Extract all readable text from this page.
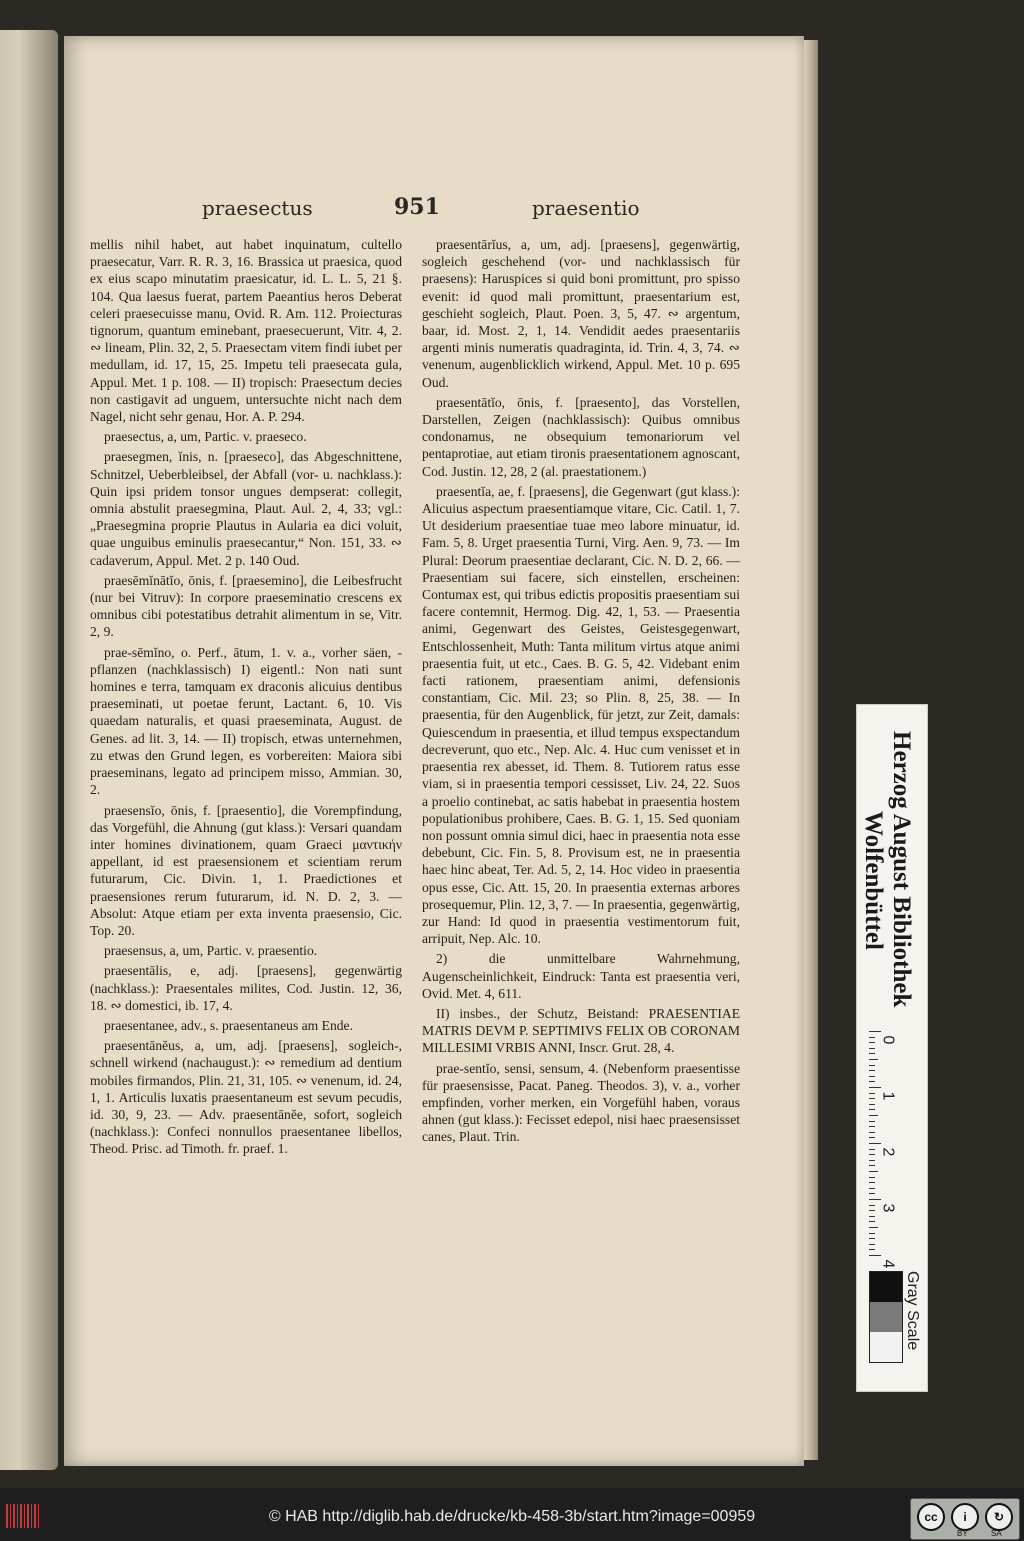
praesectus	951	praesentio

mellis nihil habet, aut habet inquinatum, cultello praesecatur, Varr. R. R. 3, 16. Brassica ut praesica, quod ex eius scapo minutatim praesicatur, id. L. L. 5, 21 §. 104. Qua laesus fuerat, partem Paeantius heros Deberat celeri praesecuisse manu, Ovid. R. Am. 112. Proiecturas tignorum, quantum eminebant, praesecuerunt, Vitr. 4, 2. ∾ lineam, Plin. 32, 2, 5. Praesectam vitem findi iubet per medullam, id. 17, 15, 25. Impetu teli praesecata gula, Appul. Met. 1 p. 108. — II) tropisch: Praesectum decies non castigavit ad unguem, untersuchte nicht nach dem Nagel, nicht sehr genau, Hor. A. P. 294.

praesectus, a, um, Partic. v. praeseco.

praesegmen, ĭnis, n. [praeseco], das Abgeschnittene, Schnitzel, Ueberbleibsel, der Abfall (vor- u. nachklass.): Quin ipsi pridem tonsor ungues dempserat: collegit, omnia abstulit praesegmina, Plaut. Aul. 2, 4, 33; vgl.: „Praesegmina proprie Plautus in Aularia ea dici voluit, quae unguibus eminulis praesecantur,“ Non. 151, 33. ∾ cadaverum, Appul. Met. 2 p. 140 Oud.

praesēmĭnātĭo, ōnis, f. [praesemino], die Leibesfrucht (nur bei Vitruv): In corpore praeseminatio crescens ex omnibus cibi potestatibus detrahit alimentum in se, Vitr. 2, 9.

prae-sēmĭno, o. Perf., ātum, 1. v. a., vorher säen, -pflanzen (nachklassisch) I) eigentl.: Non nati sunt homines e terra, tamquam ex draconis alicuius dentibus praeseminati, ut poetae ferunt, Lactant. 6, 10. Vis quaedam naturalis, et quasi praeseminata, August. de Genes. ad lit. 3, 14. — II) tropisch, etwas unternehmen, zu etwas den Grund legen, es vorbereiten: Maiora sibi praeseminans, legato ad principem misso, Ammian. 30, 2.

praesensĭo, ōnis, f. [praesentio], die Vorempfindung, das Vorgefühl, die Ahnung (gut klass.): Versari quandam inter homines divinationem, quam Graeci μαντικήν appellant, id est praesensionem et scientiam rerum futurarum, Cic. Divin. 1, 1. Praedictiones et praesensiones rerum futurarum, id. N. D. 2, 3. — Absolut: Atque etiam per exta inventa praesensio, Cic. Top. 20.

praesensus, a, um, Partic. v. praesentio.

praesentālis, e, adj. [praesens], gegenwärtig (nachklass.): Praesentales milites, Cod. Justin. 12, 36, 18. ∾ domestici, ib. 17, 4.

praesentanee, adv., s. praesentaneus am Ende.

praesentānĕus, a, um, adj. [praesens], sogleich-, schnell wirkend (nachaugust.): ∾ remedium ad dentium mobiles firmandos, Plin. 21, 31, 105. ∾ venenum, id. 24, 1, 1. Articulis luxatis praesentaneum est sevum pecudis, id. 30, 9, 23. — Adv. praesentānĕe, sofort, sogleich (nachklass.): Confeci nonnullos praesentanee libellos, Theod. Prisc. ad Timoth. fr. praef. 1.

praesentārĭus, a, um, adj. [praesens], gegenwärtig, sogleich geschehend (vor- und nachklassisch für praesens): Haruspices si quid boni promittunt, pro spisso evenit: id quod mali promittunt, praesentarium est, geschieht sogleich, Plaut. Poen. 3, 5, 47. ∾ argentum, baar, id. Most. 2, 1, 14. Vendidit aedes praesentariis argenti minis numeratis quadraginta, id. Trin. 4, 3, 74. ∾ venenum, augenblicklich wirkend, Appul. Met. 10 p. 695 Oud.

praesentātĭo, ōnis, f. [praesento], das Vorstellen, Darstellen, Zeigen (nachklassisch): Quibus omnibus condonamus, ne obsequium temonariorum vel pentaprotiae, aut etiam tironis praesentationem agnoscant, Cod. Justin. 12, 28, 2 (al. praestationem.)

praesentĭa, ae, f. [praesens], die Gegenwart (gut klass.): Alicuius aspectum praesentiamque vitare, Cic. Catil. 1, 7. Ut desiderium praesentiae tuae meo labore minuatur, id. Fam. 5, 8. Urget praesentia Turni, Virg. Aen. 9, 73. — Im Plural: Deorum praesentiae declarant, Cic. N. D. 2, 66. — Praesentiam sui facere, sich einstellen, erscheinen: Contumax est, qui tribus edictis propositis praesentiam sui facere contemnit, Hermog. Dig. 42, 1, 53. — Praesentia animi, Gegenwart des Geistes, Geistesgegenwart, Entschlossenheit, Muth: Tanta militum virtus atque animi praesentia fuit, ut etc., Caes. B. G. 5, 42. Videbant enim facti rationem, praesentiam animi, defensionis constantiam, Cic. Mil. 23; so Plin. 8, 25, 38. — In praesentia, für den Augenblick, für jetzt, zur Zeit, damals: Quiescendum in praesentia, et illud tempus exspectandum decreverunt, quo etc., Nep. Alc. 4. Huc cum venisset et in praesentia rex abesset, id. Them. 8. Tutiorem ratus esse viam, si in praesentia tempori cessisset, Liv. 24, 22. Suos a proelio continebat, ac satis habebat in praesentia hostem populationibus prohibere, Caes. B. G. 1, 15. Sed quoniam non possunt omnia simul dici, haec in praesentia nota esse debebunt, Cic. Fin. 5, 8. Provisum est, ne in praesentia haec hinc abeat, Ter. Ad. 5, 2, 14. Hoc video in praesentia opus esse, Cic. Att. 15, 20. In praesentia externas arbores prosequemur, Plin. 12, 3, 7. — In praesentia, gegenwärtig, zur Hand: Id quod in praesentia vestimentorum fuit, arripuit, Nep. Alc. 10.

2) die unmittelbare Wahrnehmung, Augenscheinlichkeit, Eindruck: Tanta est praesentia veri, Ovid. Met. 4, 611.

II) insbes., der Schutz, Beistand: PRAESENTIAE MATRIS DEVM P. SEPTIMIVS FELIX OB CORONAM MILLESIMI VRBIS ANNI, Inscr. Grut. 28, 4.

prae-sentĭo, sensi, sensum, 4. (Nebenform praesentisse für praesensisse, Pacat. Paneg. Theodos. 3), v. a., vorher empfinden, vorher merken, ein Vorgefühl haben, voraus ahnen (gut klass.): Fecisset edepol, nisi haec praesensisset canes, Plaut. Trin.

Herzog August Bibliothek
Wolfenbüttel
0
1
2
3
4
Gray Scale
© HAB http://diglib.hab.de/drucke/kb-458-3b/start.htm?image=00959	cc	i	↻
BY	SA
